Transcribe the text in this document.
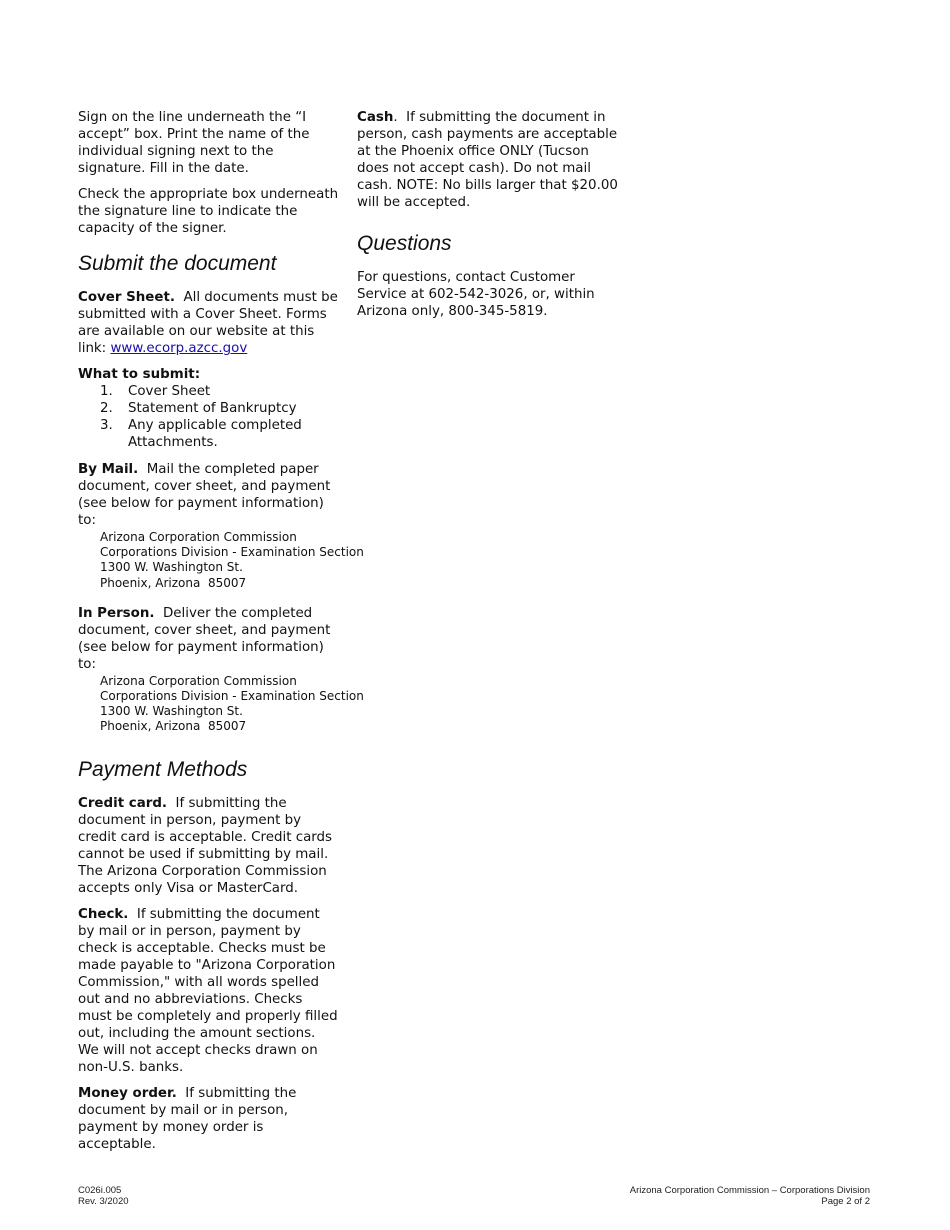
Sign on the line underneath the “I accept” box. Print the name of the individual signing next to the signature. Fill in the date.

Check the appropriate box underneath the signature line to indicate the capacity of the signer.

Submit the document

Cover Sheet. All documents must be submitted with a Cover Sheet. Forms are available on our website at this link: www.ecorp.azcc.gov

What to submit:

1. Cover Sheet
2. Statement of Bankruptcy
3. Any applicable completed Attachments.

By Mail. Mail the completed paper document, cover sheet, and payment (see below for payment information) to:

Arizona Corporation Commission
Corporations Division - Examination Section
1300 W. Washington St.
Phoenix, Arizona  85007

In Person. Deliver the completed document, cover sheet, and payment (see below for payment information) to:

Arizona Corporation Commission
Corporations Division - Examination Section
1300 W. Washington St.
Phoenix, Arizona  85007
Payment Methods

Credit card. If submitting the document in person, payment by credit card is acceptable. Credit cards cannot be used if submitting by mail. The Arizona Corporation Commission accepts only Visa or MasterCard.

Check. If submitting the document by mail or in person, payment by check is acceptable. Checks must be made payable to "Arizona Corporation Commission," with all words spelled out and no abbreviations. Checks must be completely and properly filled out, including the amount sections. We will not accept checks drawn on non-U.S. banks.

Money order. If submitting the document by mail or in person, payment by money order is acceptable.

Cash.  If submitting the document in person, cash payments are acceptable at the Phoenix office ONLY (Tucson does not accept cash). Do not mail cash. NOTE: No bills larger that $20.00 will be accepted.

Questions

For questions, contact Customer Service at 602-542-3026, or, within Arizona only, 800-345-5819.

C026i.005
Rev. 3/2020
Arizona Corporation Commission – Corporations Division
Page 2 of 2
